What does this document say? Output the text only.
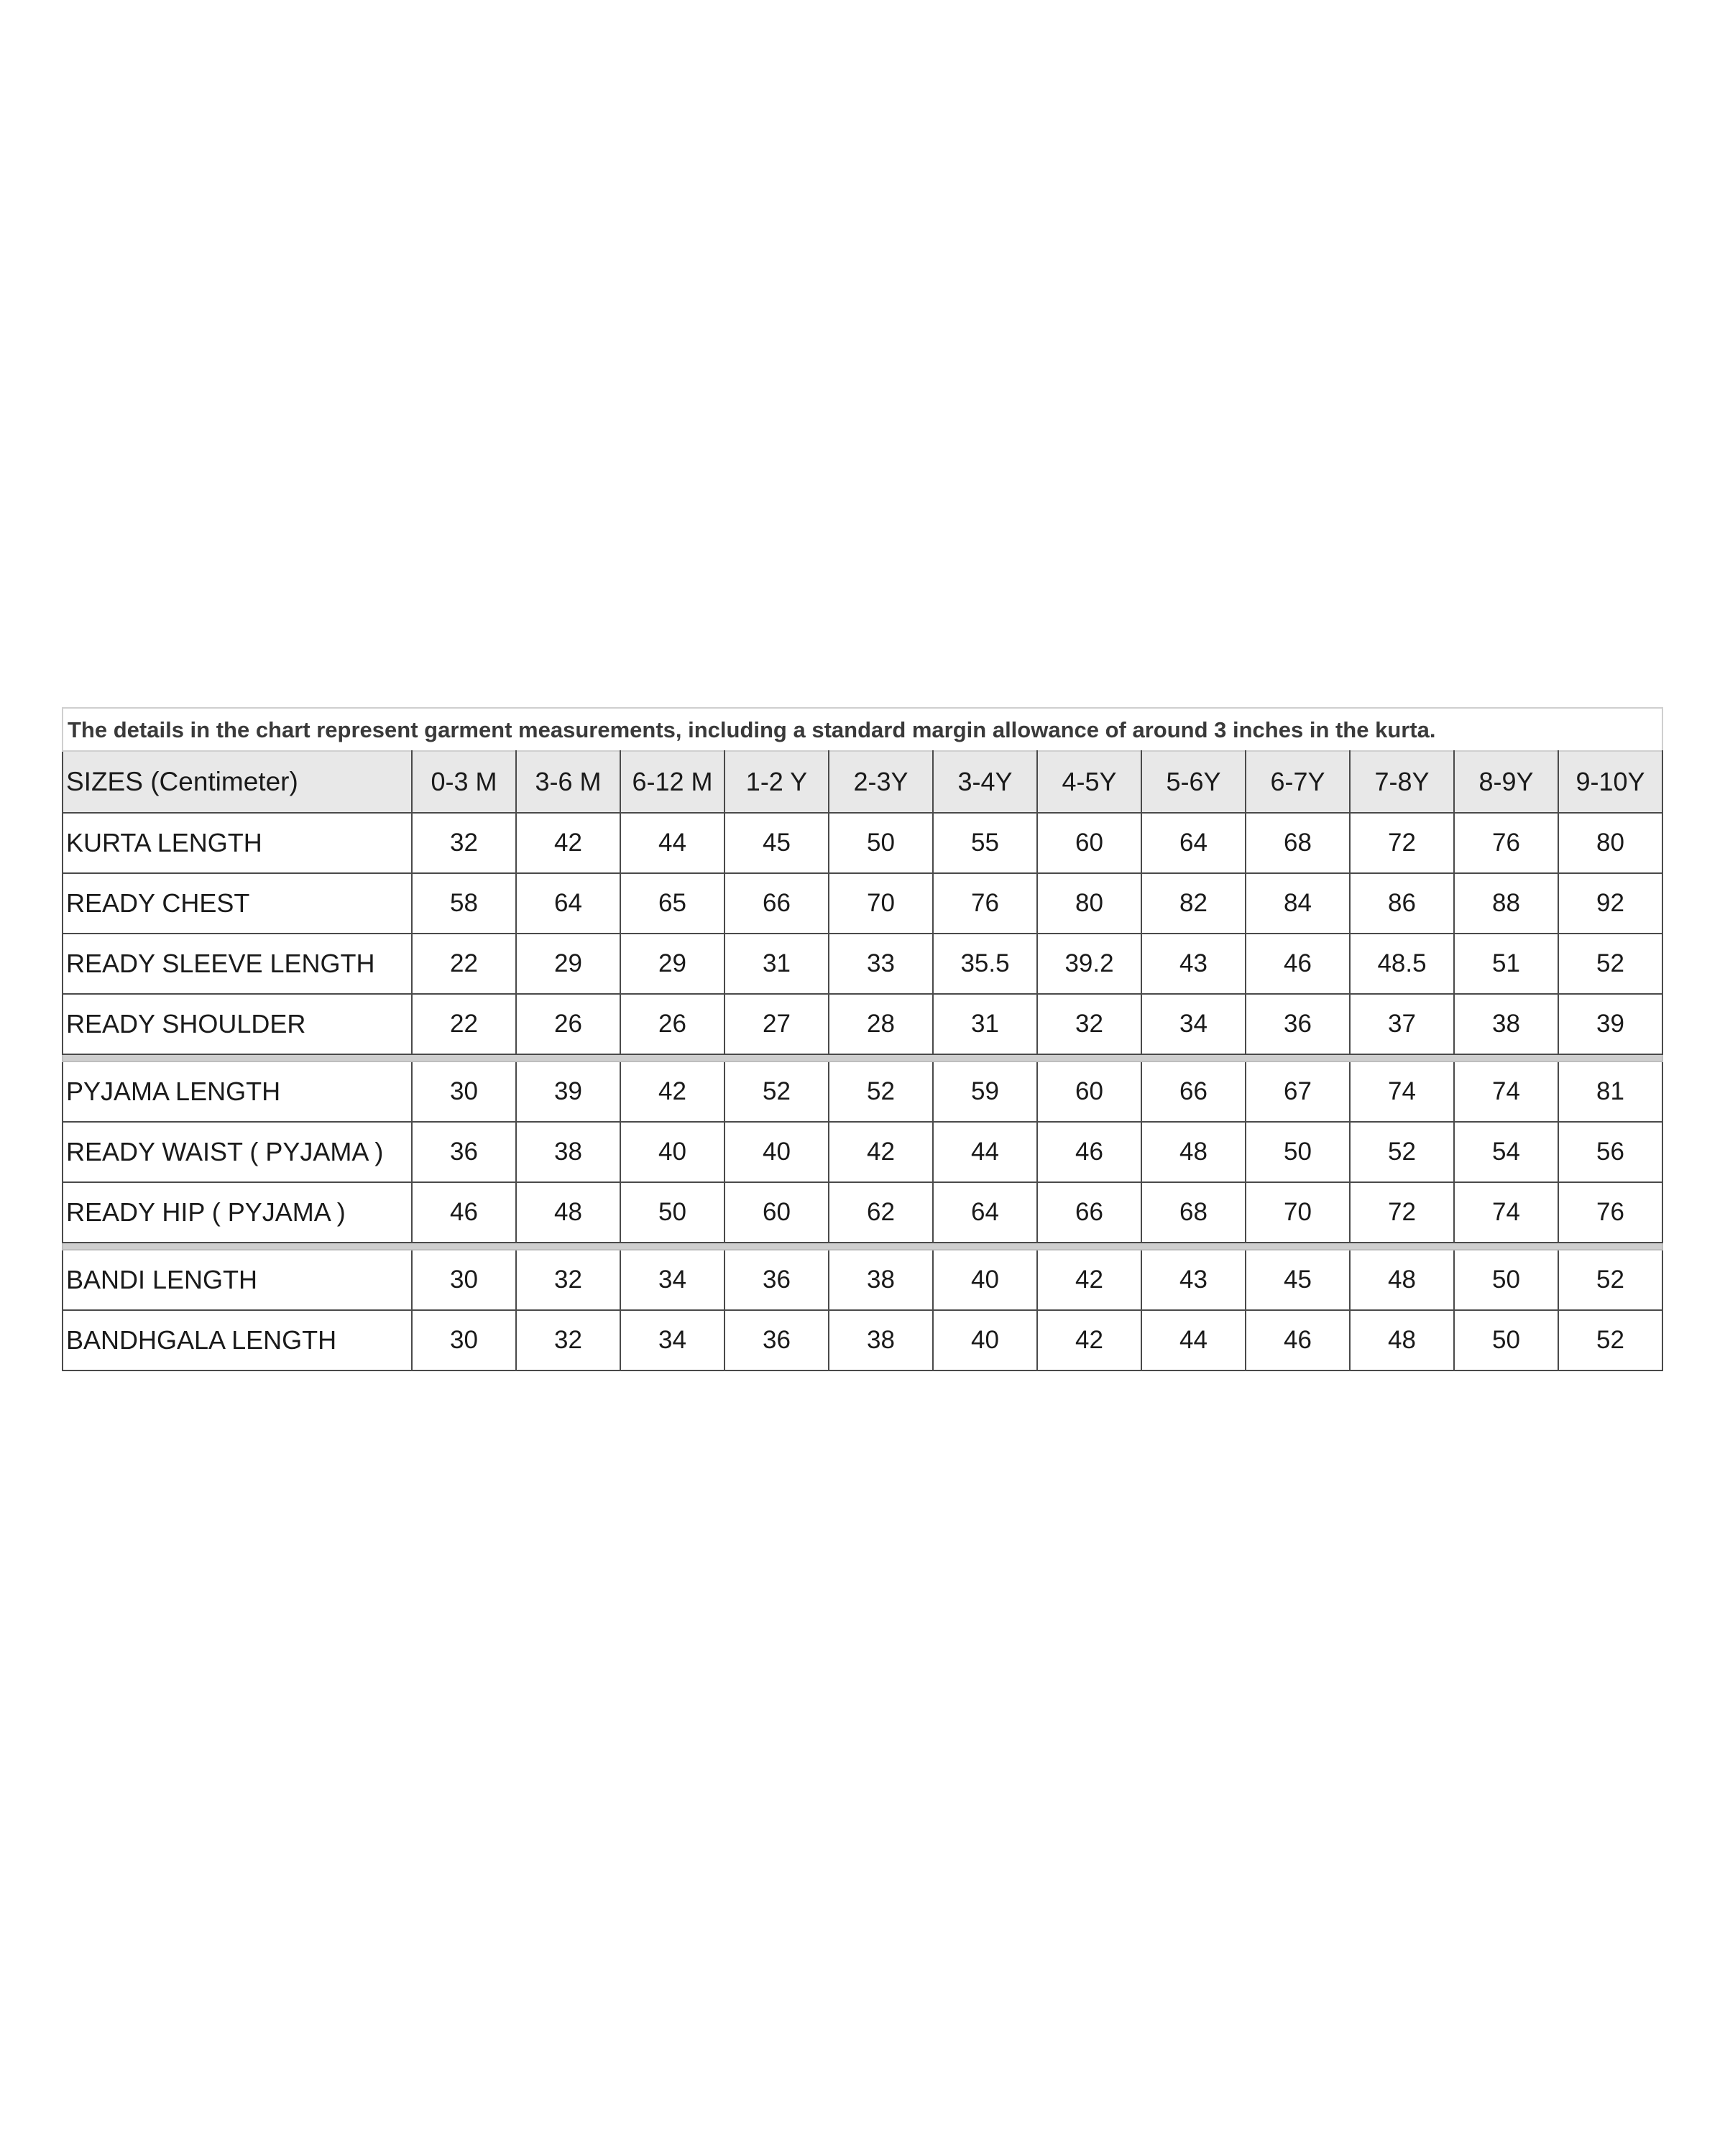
The details in the chart represent garment measurements, including a standard margin allowance of around 3 inches in the kurta.
SIZES (Centimeter)	0-3 M	3-6 M	6-12 M	1-2 Y	2-3Y	3-4Y	4-5Y	5-6Y	6-7Y	7-8Y	8-9Y	9-10Y
KURTA LENGTH	32	42	44	45	50	55	60	64	68	72	76	80
READY CHEST	58	64	65	66	70	76	80	82	84	86	88	92
READY SLEEVE LENGTH	22	29	29	31	33	35.5	39.2	43	46	48.5	51	52
READY SHOULDER	22	26	26	27	28	31	32	34	36	37	38	39

PYJAMA LENGTH	30	39	42	52	52	59	60	66	67	74	74	81
READY WAIST ( PYJAMA )	36	38	40	40	42	44	46	48	50	52	54	56
READY HIP ( PYJAMA )	46	48	50	60	62	64	66	68	70	72	74	76

BANDI LENGTH	30	32	34	36	38	40	42	43	45	48	50	52
BANDHGALA LENGTH	30	32	34	36	38	40	42	44	46	48	50	52
